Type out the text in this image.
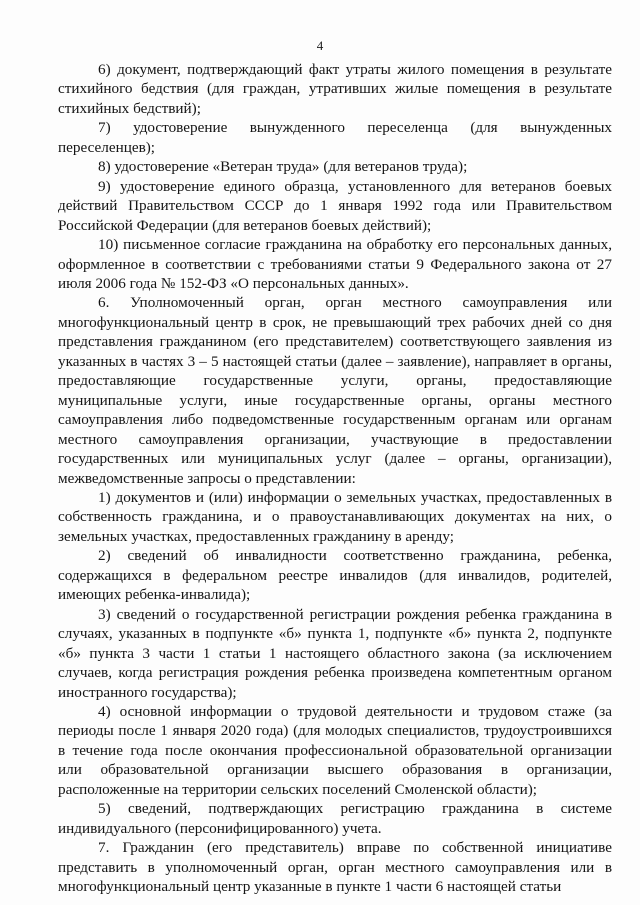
4

6) документ, подтверждающий факт утраты жилого помещения в результате стихийного бедствия (для граждан, утративших жилые помещения в результате стихийных бедствий);

7) удостоверение вынужденного переселенца (для вынужденных переселенцев);

8) удостоверение «Ветеран труда» (для ветеранов труда);

9) удостоверение единого образца, установленного для ветеранов боевых действий Правительством СССР до 1 января 1992 года или Правительством Российской Федерации (для ветеранов боевых действий);

10) письменное согласие гражданина на обработку его персональных данных, оформленное в соответствии с требованиями статьи 9 Федерального закона от 27 июля 2006 года № 152-ФЗ «О персональных данных».

6. Уполномоченный орган, орган местного самоуправления или многофункциональный центр в срок, не превышающий трех рабочих дней со дня представления гражданином (его представителем) соответствующего заявления из указанных в частях 3 – 5 настоящей статьи (далее – заявление), направляет в органы, предоставляющие государственные услуги, органы, предоставляющие муниципальные услуги, иные государственные органы, органы местного самоуправления либо подведомственные государственным органам или органам местного самоуправления организации, участвующие в предоставлении государственных или муниципальных услуг (далее – органы, организации), межведомственные запросы о представлении:

1) документов и (или) информации о земельных участках, предоставленных в собственность гражданина, и о правоустанавливающих документах на них, о земельных участках, предоставленных гражданину в аренду;

2) сведений об инвалидности соответственно гражданина, ребенка, содержащихся в федеральном реестре инвалидов (для инвалидов, родителей, имеющих ребенка-инвалида);

3) сведений о государственной регистрации рождения ребенка гражданина в случаях, указанных в подпункте «б» пункта 1, подпункте «б» пункта 2, подпункте «б» пункта 3 части 1 статьи 1 настоящего областного закона (за исключением случаев, когда регистрация рождения ребенка произведена компетентным органом иностранного государства);

4) основной информации о трудовой деятельности и трудовом стаже (за периоды после 1 января 2020 года) (для молодых специалистов, трудоустроившихся в течение года после окончания профессиональной образовательной организации или образовательной организации высшего образования в организации, расположенные на территории сельских поселений Смоленской области);

5) сведений, подтверждающих регистрацию гражданина в системе индивидуального (персонифицированного) учета.

7. Гражданин (его представитель) вправе по собственной инициативе представить в уполномоченный орган, орган местного самоуправления или в многофункциональный центр указанные в пункте 1 части 6 настоящей статьи
